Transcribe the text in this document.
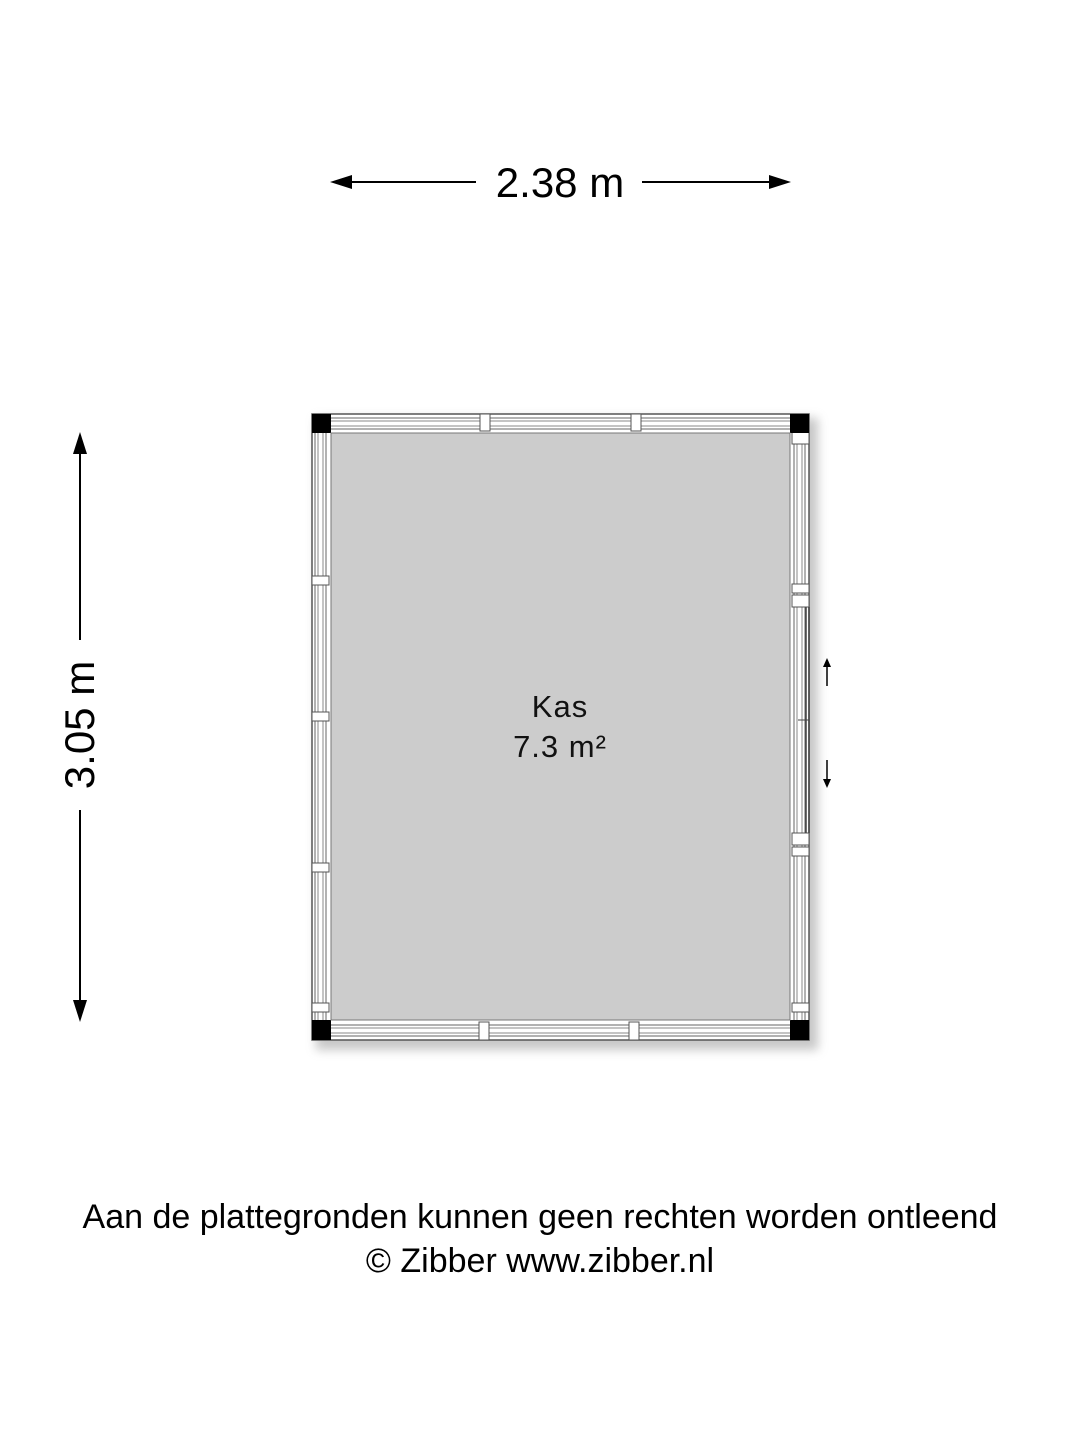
2.38 m
3.05 m	Kas
7.3 m²
Aan de plattegronden kunnen geen rechten worden ontleend
© Zibber www.zibber.nl
